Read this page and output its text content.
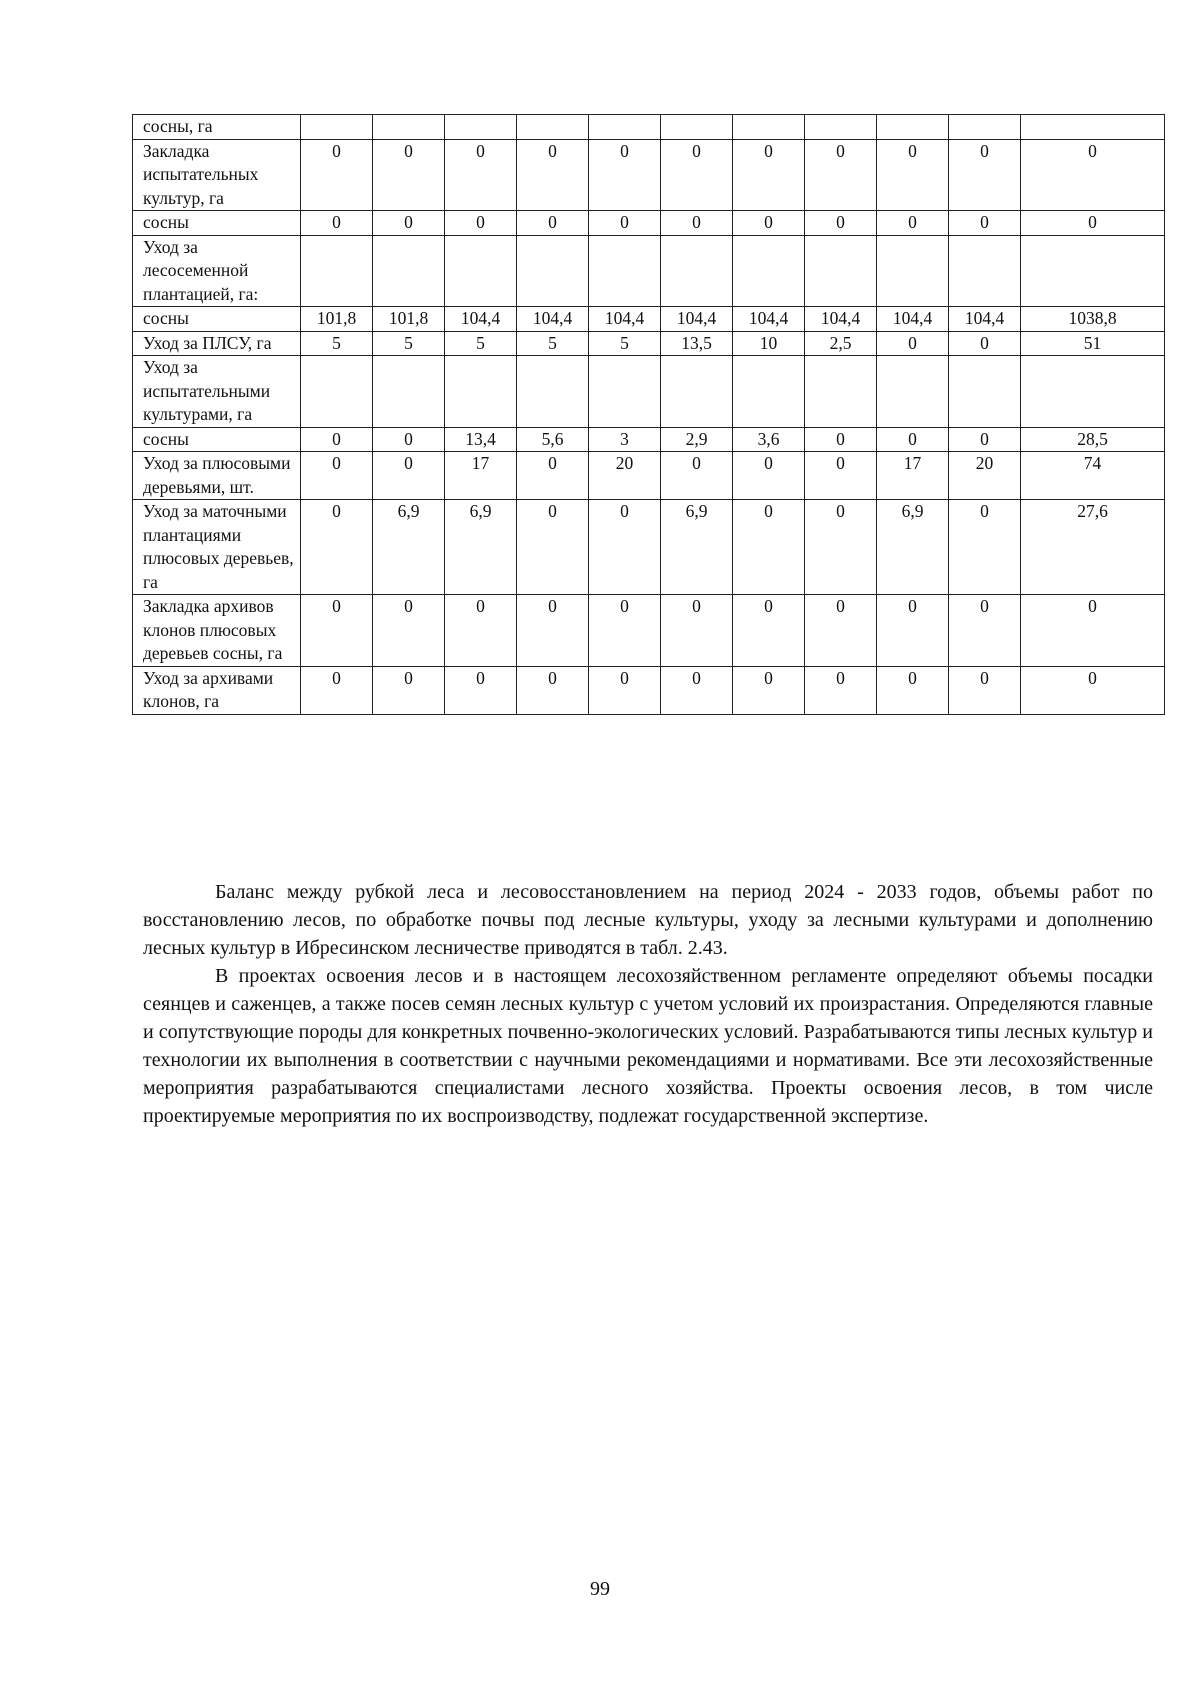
сосны, га											
Закладка испытательных культур, га	0	0	0	0	0	0	0	0	0	0	0
сосны	0	0	0	0	0	0	0	0	0	0	0
Уход за лесосеменной плантацией, га:											
сосны	101,8	101,8	104,4	104,4	104,4	104,4	104,4	104,4	104,4	104,4	1038,8
Уход за ПЛСУ, га	5	5	5	5	5	13,5	10	2,5	0	0	51
Уход за испытательными культурами, га											
сосны	0	0	13,4	5,6	3	2,9	3,6	0	0	0	28,5
Уход за плюсовыми деревьями, шт.	0	0	17	0	20	0	0	0	17	20	74
Уход за маточными плантациями плюсовых деревьев, га	0	6,9	6,9	0	0	6,9	0	0	6,9	0	27,6
Закладка архивов клонов плюсовых деревьев сосны, га	0	0	0	0	0	0	0	0	0	0	0
Уход за архивами клонов, га	0	0	0	0	0	0	0	0	0	0	0

Баланс между рубкой леса и лесовосстановлением на период 2024 - 2033 годов, объемы работ по восстановлению лесов, по обработке почвы под лесные культуры, уходу за лесными культурами и дополнению лесных культур в Ибресинском лесничестве приводятся в табл. 2.43.

В проектах освоения лесов и в настоящем лесохозяйственном регламенте определяют объемы посадки сеянцев и саженцев, а также посев семян лесных культур с учетом условий их произрастания. Определяются главные и сопутствующие породы для конкретных почвенно-экологических условий. Разрабатываются типы лесных культур и технологии их выполнения в соответствии с научными рекомендациями и нормативами. Все эти лесохозяйственные мероприятия разрабатываются специалистами лесного хозяйства. Проекты освоения лесов, в том числе проектируемые мероприятия по их воспроизводству, подлежат государственной экспертизе.

99
